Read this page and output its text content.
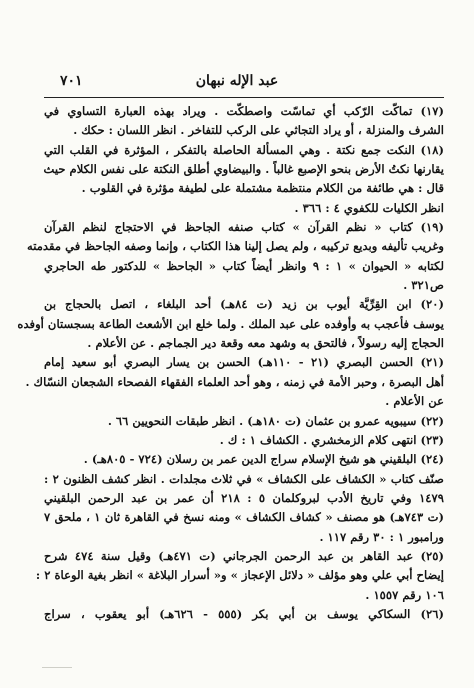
٧٠١	عبد الإله نبهان
(١٧) تماكّت الرّكب أي تماسّت واصطكّت . ويراد بهذه العبارة التساوي في
الشرف والمنزلة ، أو يراد التجاثي على الركب للتفاخر . انظر اللسان : حكك .
(١٨) النكت جمع نكتة . وهي المسألة الحاصلة بالتفكر ، المؤثرة في القلب التي
يقارنها نكتُ الأرض بنحو الإصبع غالباً . والبيضاوي أطلق النكتة على نفس الكلام حيث
قال : هي طائفة من الكلام منتظمة مشتملة على لطيفة مؤثرة في القلوب .
انظر الكليات للكفوي ٤ : ٣٦٦ .
(١٩) كتاب « نظم القرآن » كتاب صنفه الجاحظ في الاحتجاج لنظم القرآن
وغريب تأليفه وبديع تركيبه ، ولم يصل إلينا هذا الكتاب ، وإنما وصفه الجاحظ في مقدمته
لكتابه « الحيوان » ١ : ٩ وانظر أيضاً كتاب « الجاحظ » للدكتور طه الحاجري
ص٣٢١ .
(٢٠) ابن القِرِّيَّة أيوب بن زيد (ت ٨٤هـ) أحد البلغاء ، اتصل بالحجاج بن
يوسف فأعجب به وأوفده على عبد الملك . ولما خلع ابن الأشعث الطاعة بسجستان أوفده
الحجاج إليه رسولاً ، فالتحق به وشهد معه وقعة دير الجماجم . عن الأعلام .
(٢١) الحسن البصري (٢١ - ١١٠هـ) الحسن بن يسار البصري أبو سعيد إمام
أهل البصرة ، وحبر الأمة في زمنه ، وهو أحد العلماء الفقهاء الفصحاء الشجعان النسّاك .
عن الأعلام .
(٢٢) سيبويه عمرو بن عثمان (ت ١٨٠هـ) . انظر طبقات النحويين ٦٦ .
(٢٣) انتهى كلام الزمخشري . الكشاف ١ : ك .
(٢٤) البلقيني هو شيخ الإسلام سراج الدين عمر بن رسلان (٧٢٤ - ٨٠٥هـ) .
صنّف كتاب « الكشاف على الكشاف » في ثلاث مجلدات . انظر كشف الظنون ٢ :
١٤٧٩ وفي تاريخ الأدب لبروكلمان ٥ : ٢١٨ أن عمر بن عبد الرحمن البلقيني
(ت ٧٤٣هـ) هو مصنف « كشاف الكشاف » ومنه نسخ في القاهرة ثان ١ ، ملحق ٧
ورامبور ١ : ٣٠ رقم ١١٧ .
(٢٥) عبد القاهر بن عبد الرحمن الجرجاني (ت ٤٧١هـ) وقيل سنة ٤٧٤ شرح
إيضاح أبي علي وهو مؤلف « دلائل الإعجاز » و« أسرار البلاغة » انظر بغية الوعاة ٢ :
١٠٦ رقم ١٥٥٧ .
(٢٦) السكاكي يوسف بن أبي بكر (٥٥٥ - ٦٢٦هـ) أبو يعقوب ، سراج
